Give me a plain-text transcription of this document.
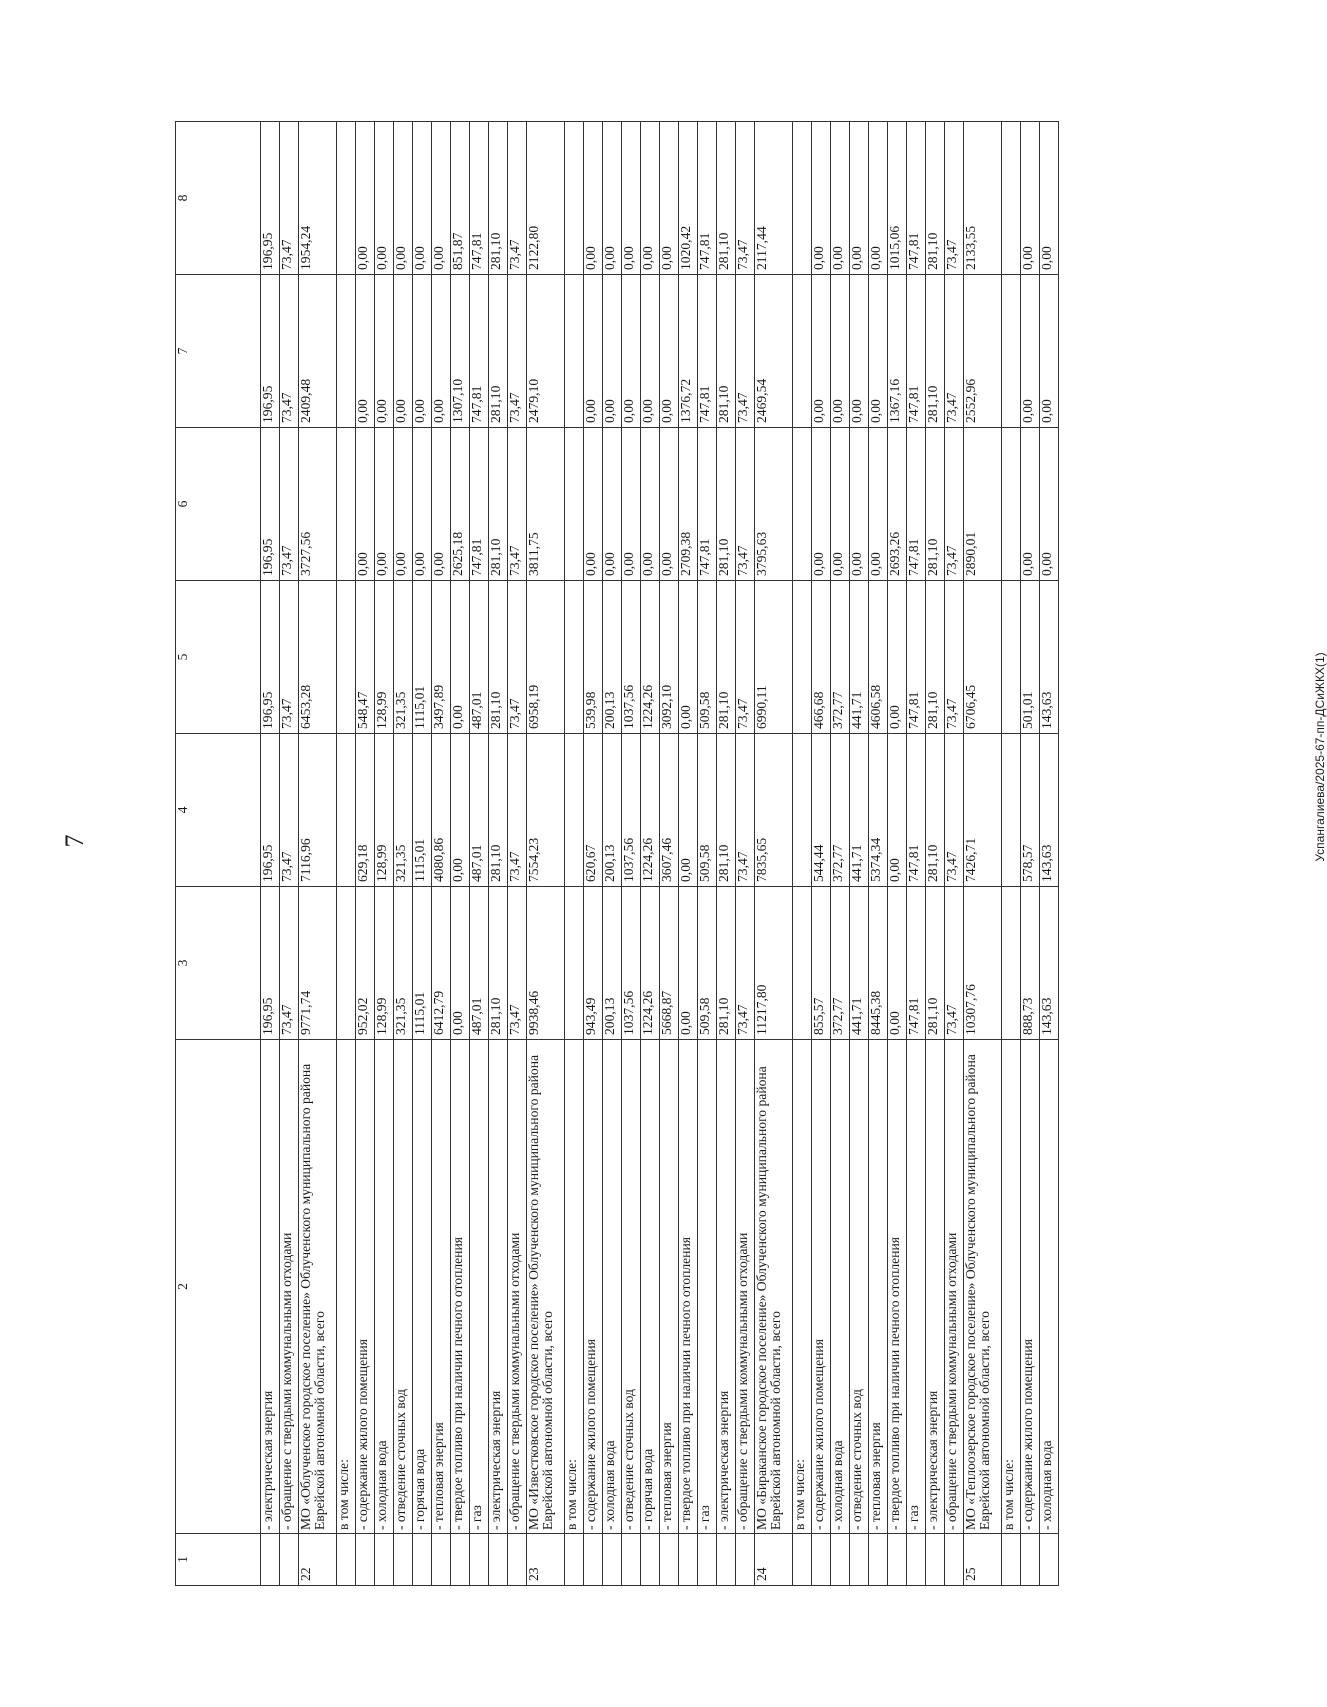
7	Успангалиева/2025-67-пп-ДСиЖКХ(1)
1	2	3	4	5	6	7	8
	- электрическая энергия	196,95	196,95	196,95	196,95	196,95	196,95
	- обращение с твердыми коммунальными отходами	73,47	73,47	73,47	73,47	73,47	73,47
22	МО «Облученское городское поселение» Облученского муниципального района Еврейской автономной области, всего	9771,74	7116,96	6453,28	3727,56	2409,48	1954,24
	в том числе:						
	- содержание жилого помещения	952,02	629,18	548,47	0,00	0,00	0,00
	- холодная вода	128,99	128,99	128,99	0,00	0,00	0,00
	- отведение сточных вод	321,35	321,35	321,35	0,00	0,00	0,00
	- горячая вода	1115,01	1115,01	1115,01	0,00	0,00	0,00
	- тепловая энергия	6412,79	4080,86	3497,89	0,00	0,00	0,00
	- твердое топливо при наличии печного отопления	0,00	0,00	0,00	2625,18	1307,10	851,87
	- газ	487,01	487,01	487,01	747,81	747,81	747,81
	- электрическая энергия	281,10	281,10	281,10	281,10	281,10	281,10
	- обращение с твердыми коммунальными отходами	73,47	73,47	73,47	73,47	73,47	73,47
23	МО «Известковское городское поселение» Облученского муниципального района Еврейской автономной области, всего	9938,46	7554,23	6958,19	3811,75	2479,10	2122,80
	в том числе:						
	- содержание жилого помещения	943,49	620,67	539,98	0,00	0,00	0,00
	- холодная вода	200,13	200,13	200,13	0,00	0,00	0,00
	- отведение сточных вод	1037,56	1037,56	1037,56	0,00	0,00	0,00
	- горячая вода	1224,26	1224,26	1224,26	0,00	0,00	0,00
	- тепловая энергия	5668,87	3607,46	3092,10	0,00	0,00	0,00
	- твердое топливо при наличии печного отопления	0,00	0,00	0,00	2709,38	1376,72	1020,42
	- газ	509,58	509,58	509,58	747,81	747,81	747,81
	- электрическая энергия	281,10	281,10	281,10	281,10	281,10	281,10
	- обращение с твердыми коммунальными отходами	73,47	73,47	73,47	73,47	73,47	73,47
24	МО «Бираканское городское поселение» Облученского муниципального района Еврейской автономной области, всего	11217,80	7835,65	6990,11	3795,63	2469,54	2117,44
	в том числе:						
	- содержание жилого помещения	855,57	544,44	466,68	0,00	0,00	0,00
	- холодная вода	372,77	372,77	372,77	0,00	0,00	0,00
	- отведение сточных вод	441,71	441,71	441,71	0,00	0,00	0,00
	- тепловая энергия	8445,38	5374,34	4606,58	0,00	0,00	0,00
	- твердое топливо при наличии печного отопления	0,00	0,00	0,00	2693,26	1367,16	1015,06
	- газ	747,81	747,81	747,81	747,81	747,81	747,81
	- электрическая энергия	281,10	281,10	281,10	281,10	281,10	281,10
	- обращение с твердыми коммунальными отходами	73,47	73,47	73,47	73,47	73,47	73,47
25	МО «Теплоозерское городское поселение» Облученского муниципального района Еврейской автономной области, всего	10307,76	7426,71	6706,45	2890,01	2552,96	2133,55
	в том числе:						
	- содержание жилого помещения	888,73	578,57	501,01	0,00	0,00	0,00
	- холодная вода	143,63	143,63	143,63	0,00	0,00	0,00
